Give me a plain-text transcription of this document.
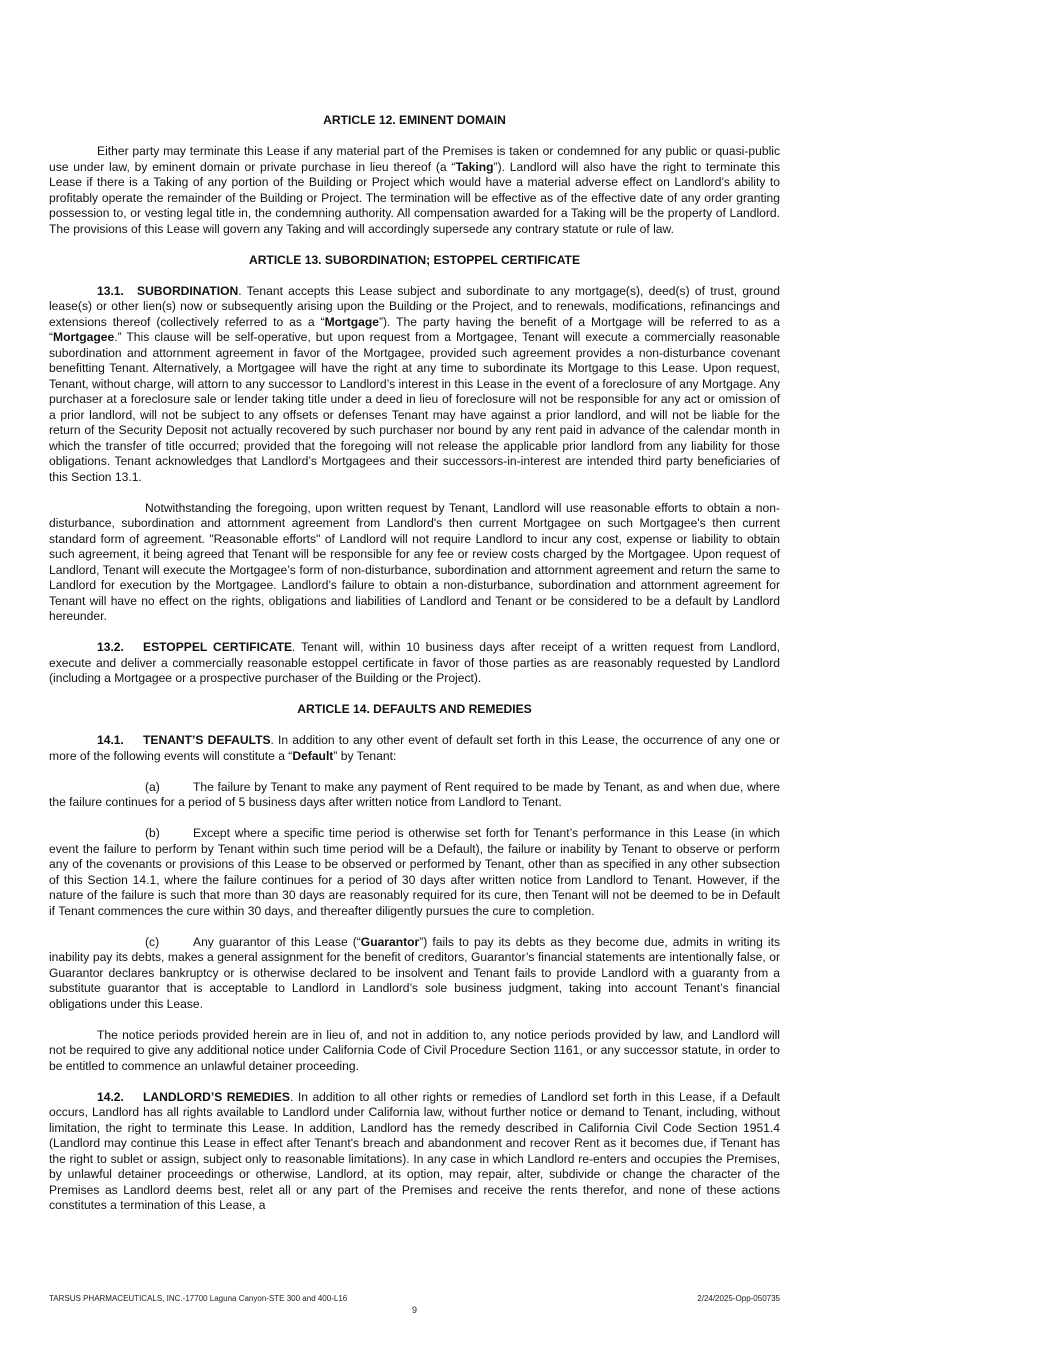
ARTICLE 12. EMINENT DOMAIN

Either party may terminate this Lease if any material part of the Premises is taken or condemned for any public or quasi-public use under law, by eminent domain or private purchase in lieu thereof (a “Taking”). Landlord will also have the right to terminate this Lease if there is a Taking of any portion of the Building or Project which would have a material adverse effect on Landlord’s ability to profitably operate the remainder of the Building or Project. The termination will be effective as of the effective date of any order granting possession to, or vesting legal title in, the condemning authority. All compensation awarded for a Taking will be the property of Landlord. The provisions of this Lease will govern any Taking and will accordingly supersede any contrary statute or rule of law.

ARTICLE 13. SUBORDINATION; ESTOPPEL CERTIFICATE

13.1. SUBORDINATION. Tenant accepts this Lease subject and subordinate to any mortgage(s), deed(s) of trust, ground lease(s) or other lien(s) now or subsequently arising upon the Building or the Project, and to renewals, modifications, refinancings and extensions thereof (collectively referred to as a “Mortgage”). The party having the benefit of a Mortgage will be referred to as a “Mortgagee.” This clause will be self-operative, but upon request from a Mortgagee, Tenant will execute a commercially reasonable subordination and attornment agreement in favor of the Mortgagee, provided such agreement provides a non-disturbance covenant benefitting Tenant. Alternatively, a Mortgagee will have the right at any time to subordinate its Mortgage to this Lease. Upon request, Tenant, without charge, will attorn to any successor to Landlord’s interest in this Lease in the event of a foreclosure of any Mortgage. Any purchaser at a foreclosure sale or lender taking title under a deed in lieu of foreclosure will not be responsible for any act or omission of a prior landlord, will not be subject to any offsets or defenses Tenant may have against a prior landlord, and will not be liable for the return of the Security Deposit not actually recovered by such purchaser nor bound by any rent paid in advance of the calendar month in which the transfer of title occurred; provided that the foregoing will not release the applicable prior landlord from any liability for those obligations. Tenant acknowledges that Landlord’s Mortgagees and their successors-in-interest are intended third party beneficiaries of this Section 13.1.

Notwithstanding the foregoing, upon written request by Tenant, Landlord will use reasonable efforts to obtain a non-disturbance, subordination and attornment agreement from Landlord's then current Mortgagee on such Mortgagee's then current standard form of agreement. "Reasonable efforts" of Landlord will not require Landlord to incur any cost, expense or liability to obtain such agreement, it being agreed that Tenant will be responsible for any fee or review costs charged by the Mortgagee. Upon request of Landlord, Tenant will execute the Mortgagee’s form of non-disturbance, subordination and attornment agreement and return the same to Landlord for execution by the Mortgagee. Landlord's failure to obtain a non-disturbance, subordination and attornment agreement for Tenant will have no effect on the rights, obligations and liabilities of Landlord and Tenant or be considered to be a default by Landlord hereunder.

13.2. ESTOPPEL CERTIFICATE. Tenant will, within 10 business days after receipt of a written request from Landlord, execute and deliver a commercially reasonable estoppel certificate in favor of those parties as are reasonably requested by Landlord (including a Mortgagee or a prospective purchaser of the Building or the Project).

ARTICLE 14. DEFAULTS AND REMEDIES

14.1. TENANT’S DEFAULTS. In addition to any other event of default set forth in this Lease, the occurrence of any one or more of the following events will constitute a “Default” by Tenant:

(a)	The failure by Tenant to make any payment of Rent required to be made by Tenant, as and when due, where the failure continues for a period of 5 business days after written notice from Landlord to Tenant.

(b)	Except where a specific time period is otherwise set forth for Tenant’s performance in this Lease (in which event the failure to perform by Tenant within such time period will be a Default), the failure or inability by Tenant to observe or perform any of the covenants or provisions of this Lease to be observed or performed by Tenant, other than as specified in any other subsection of this Section 14.1, where the failure continues for a period of 30 days after written notice from Landlord to Tenant. However, if the nature of the failure is such that more than 30 days are reasonably required for its cure, then Tenant will not be deemed to be in Default if Tenant commences the cure within 30 days, and thereafter diligently pursues the cure to completion.

(c)	Any guarantor of this Lease (“Guarantor”) fails to pay its debts as they become due, admits in writing its inability pay its debts, makes a general assignment for the benefit of creditors, Guarantor’s financial statements are intentionally false, or Guarantor declares bankruptcy or is otherwise declared to be insolvent and Tenant fails to provide Landlord with a guaranty from a substitute guarantor that is acceptable to Landlord in Landlord’s sole business judgment, taking into account Tenant’s financial obligations under this Lease.

The notice periods provided herein are in lieu of, and not in addition to, any notice periods provided by law, and Landlord will not be required to give any additional notice under California Code of Civil Procedure Section 1161, or any successor statute, in order to be entitled to commence an unlawful detainer proceeding.

14.2. LANDLORD’S REMEDIES. In addition to all other rights or remedies of Landlord set forth in this Lease, if a Default occurs, Landlord has all rights available to Landlord under California law, without further notice or demand to Tenant, including, without limitation, the right to terminate this Lease. In addition, Landlord has the remedy described in California Civil Code Section 1951.4 (Landlord may continue this Lease in effect after Tenant's breach and abandonment and recover Rent as it becomes due, if Tenant has the right to sublet or assign, subject only to reasonable limitations). In any case in which Landlord re-enters and occupies the Premises, by unlawful detainer proceedings or otherwise, Landlord, at its option, may repair, alter, subdivide or change the character of the Premises as Landlord deems best, relet all or any part of the Premises and receive the rents therefor, and none of these actions constitutes a termination of this Lease, a

TARSUS PHARMACEUTICALS, INC.-17700 Laguna Canyon-STE 300 and 400-L16	2/24/2025-Opp-050735
9
